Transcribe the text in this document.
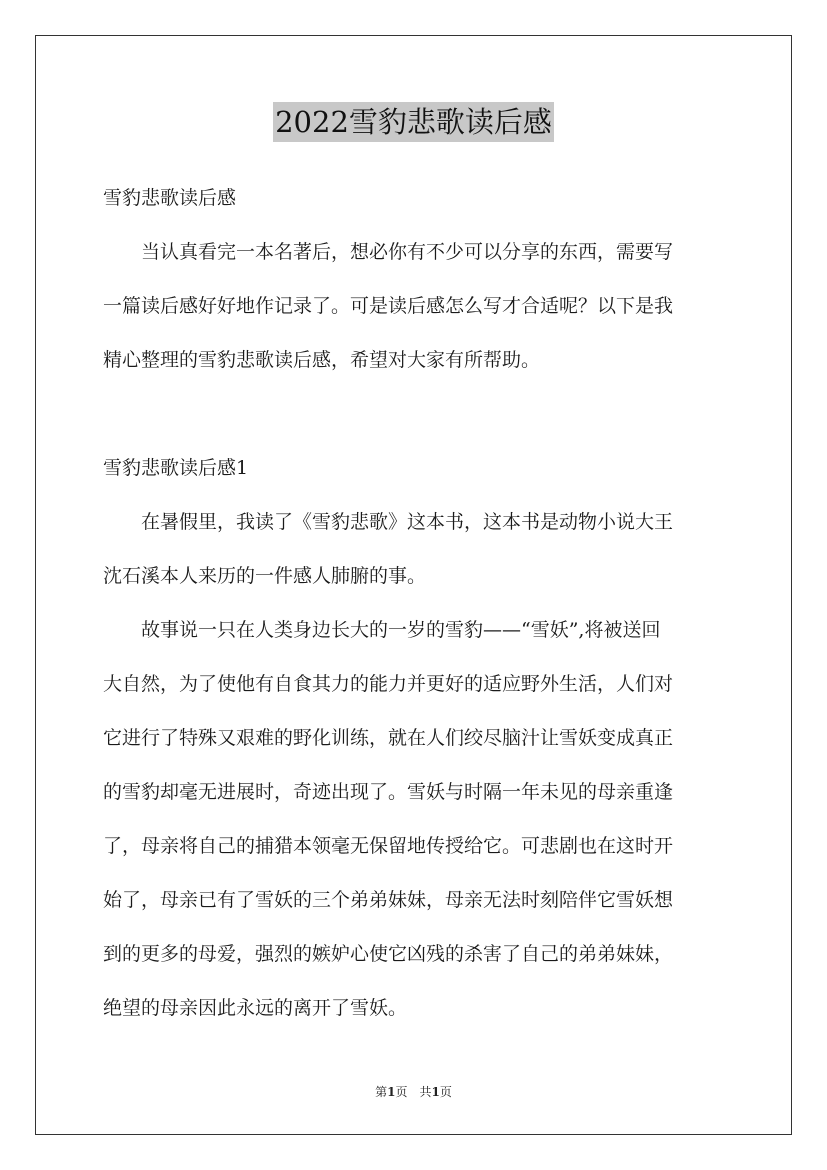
2022雪豹悲歌读后感
雪豹悲歌读后感
　　当认真看完一本名著后，想必你有不少可以分享的东西，需要写
一篇读后感好好地作记录了。可是读后感怎么写才合适呢？以下是我
精心整理的雪豹悲歌读后感，希望对大家有所帮助。
雪豹悲歌读后感1
　　在暑假里，我读了《雪豹悲歌》这本书，这本书是动物小说大王
沈石溪本人来历的一件感人肺腑的事。
　　故事说一只在人类身边长大的一岁的雪豹——“雪妖”,将被送回
大自然，为了使他有自食其力的能力并更好的适应野外生活，人们对
它进行了特殊又艰难的野化训练，就在人们绞尽脑汁让雪妖变成真正
的雪豹却毫无进展时，奇迹出现了。雪妖与时隔一年未见的母亲重逢
了，母亲将自己的捕猎本领毫无保留地传授给它。可悲剧也在这时开
始了，母亲已有了雪妖的三个弟弟妹妹，母亲无法时刻陪伴它雪妖想
到的更多的母爱，强烈的嫉妒心使它凶残的杀害了自己的弟弟妹妹，
绝望的母亲因此永远的离开了雪妖。
第1页　共1页
